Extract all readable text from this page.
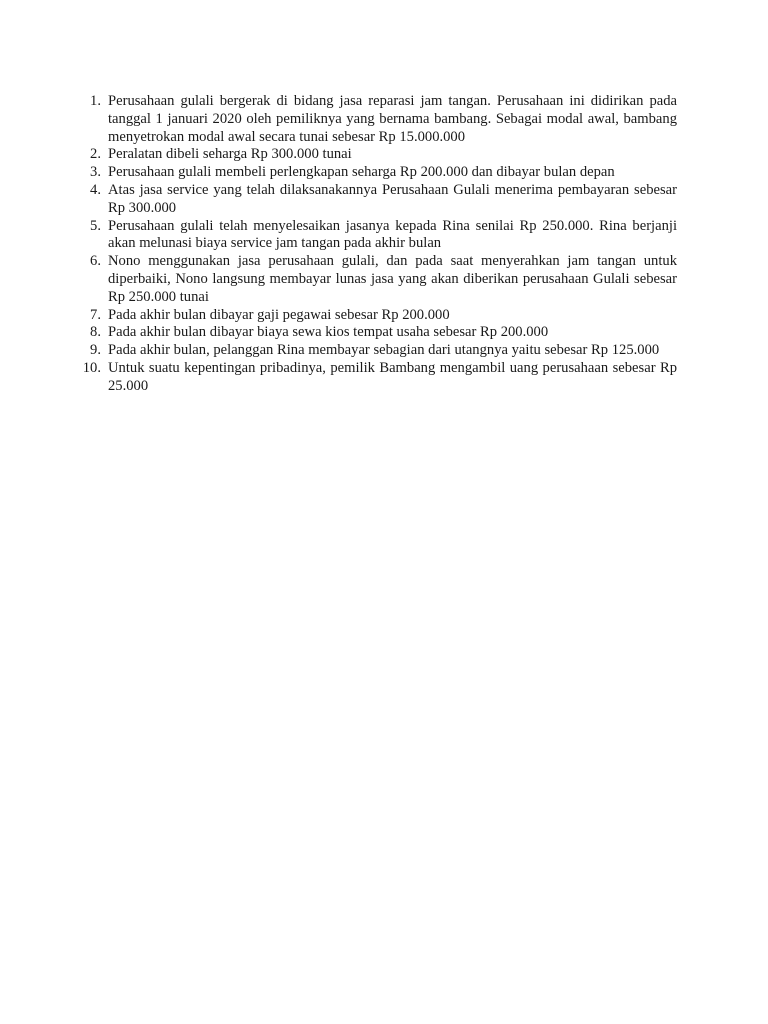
1. Perusahaan gulali bergerak di bidang jasa reparasi jam tangan. Perusahaan ini didirikan pada tanggal 1 januari 2020 oleh pemiliknya yang bernama bambang. Sebagai modal awal, bambang menyetrokan modal awal secara tunai sebesar Rp 15.000.000
2. Peralatan dibeli seharga Rp 300.000 tunai
3. Perusahaan gulali membeli perlengkapan seharga Rp 200.000 dan dibayar bulan depan
4. Atas jasa service yang telah dilaksanakannya Perusahaan Gulali menerima pembayaran sebesar Rp 300.000
5. Perusahaan gulali telah menyelesaikan jasanya kepada Rina senilai Rp 250.000. Rina berjanji akan melunasi biaya service jam tangan pada akhir bulan
6. Nono menggunakan jasa perusahaan gulali, dan pada saat menyerahkan jam tangan untuk diperbaiki, Nono langsung membayar lunas jasa yang akan diberikan perusahaan Gulali sebesar Rp 250.000 tunai
7. Pada akhir bulan dibayar gaji pegawai sebesar Rp 200.000
8. Pada akhir bulan dibayar biaya sewa kios tempat usaha sebesar Rp 200.000
9. Pada akhir bulan, pelanggan Rina membayar sebagian dari utangnya yaitu sebesar Rp 125.000
10. Untuk suatu kepentingan pribadinya, pemilik Bambang mengambil uang perusahaan sebesar Rp 25.000
